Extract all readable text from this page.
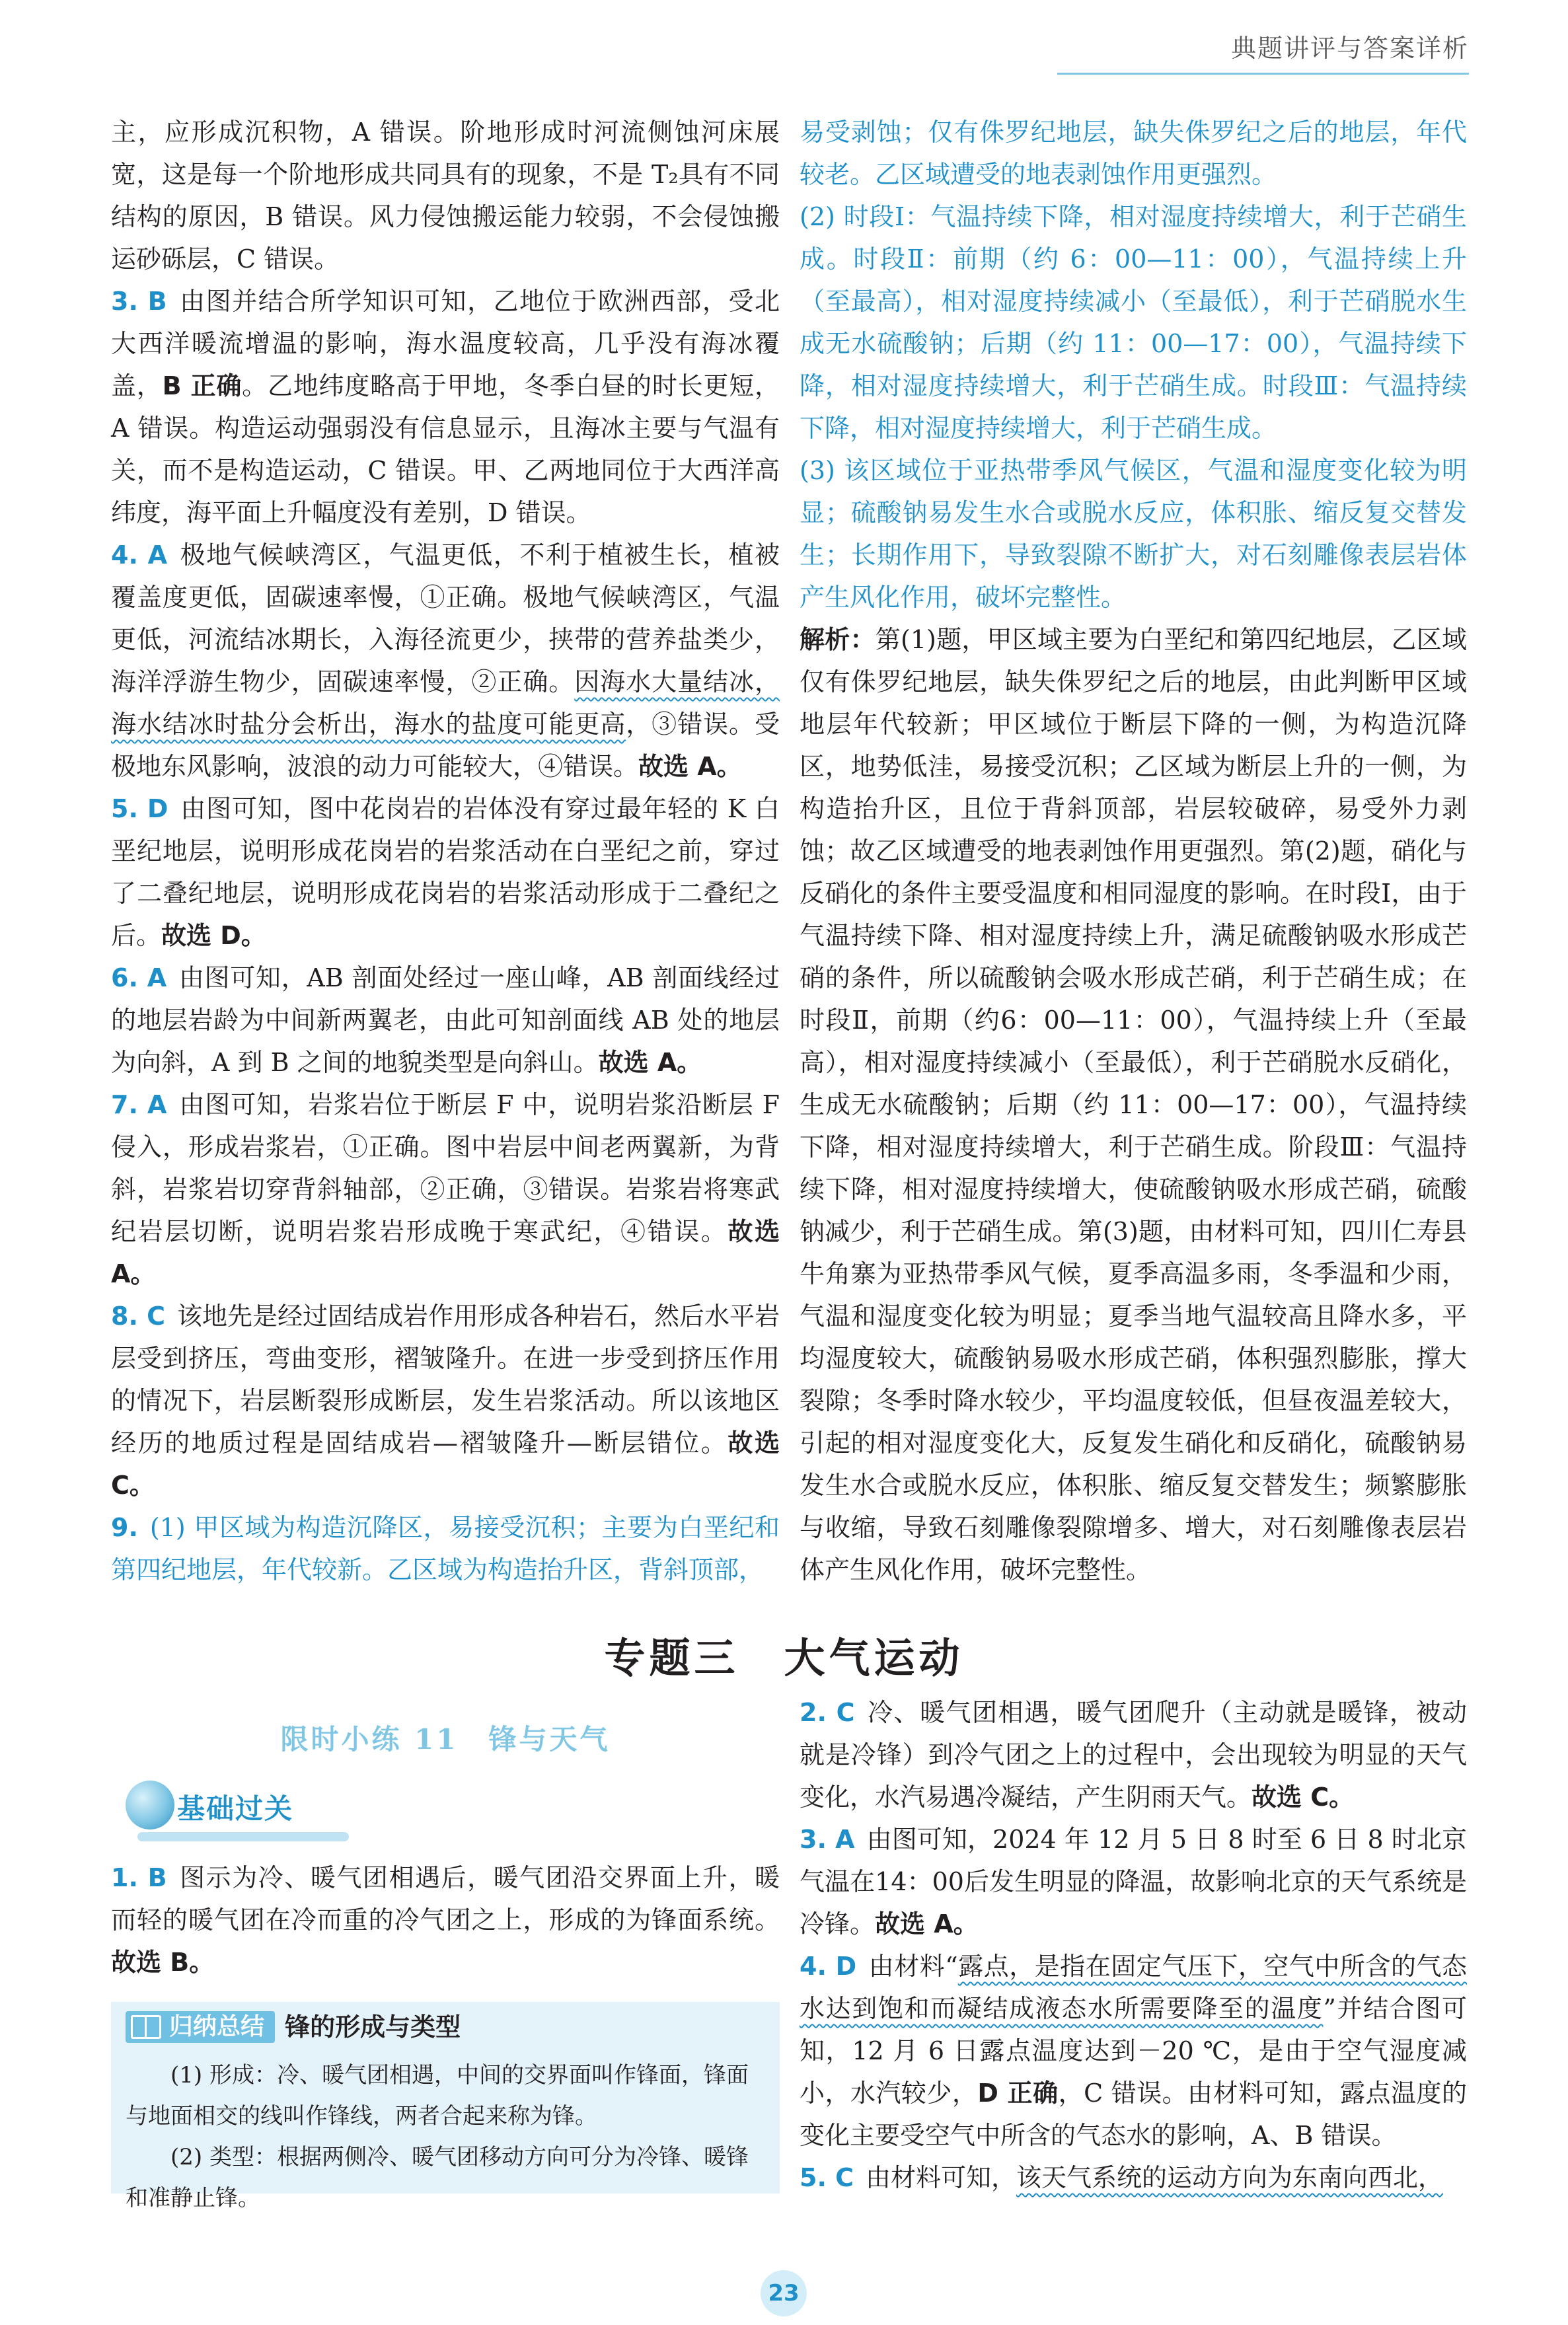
典题讲评与答案详析

主，应形成沉积物，A 错误。阶地形成时河流侧蚀河床展宽，这是每一个阶地形成共同具有的现象，不是 T₂具有不同结构的原因，B 错误。风力侵蚀搬运能力较弱，不会侵蚀搬运砂砾层，C 错误。

3. B 由图并结合所学知识可知，乙地位于欧洲西部，受北大西洋暖流增温的影响，海水温度较高，几乎没有海冰覆盖，B 正确。乙地纬度略高于甲地，冬季白昼的时长更短，A 错误。构造运动强弱没有信息显示，且海冰主要与气温有关，而不是构造运动，C 错误。甲、乙两地同位于大西洋高纬度，海平面上升幅度没有差别，D 错误。

4. A 极地气候峡湾区，气温更低，不利于植被生长，植被覆盖度更低，固碳速率慢，①正确。极地气候峡湾区，气温更低，河流结冰期长，入海径流更少，挟带的营养盐类少，海洋浮游生物少，固碳速率慢，②正确。因海水大量结冰，海水结冰时盐分会析出，海水的盐度可能更高，③错误。受极地东风影响，波浪的动力可能较大，④错误。故选 A。

5. D 由图可知，图中花岗岩的岩体没有穿过最年轻的 K 白垩纪地层，说明形成花岗岩的岩浆活动在白垩纪之前，穿过了二叠纪地层，说明形成花岗岩的岩浆活动形成于二叠纪之后。故选 D。

6. A 由图可知，AB 剖面处经过一座山峰，AB 剖面线经过的地层岩龄为中间新两翼老，由此可知剖面线 AB 处的地层为向斜，A 到 B 之间的地貌类型是向斜山。故选 A。

7. A 由图可知，岩浆岩位于断层 F 中，说明岩浆沿断层 F 侵入，形成岩浆岩，①正确。图中岩层中间老两翼新，为背斜，岩浆岩切穿背斜轴部，②正确，③错误。岩浆岩将寒武纪岩层切断，说明岩浆岩形成晚于寒武纪，④错误。故选 A。

8. C 该地先是经过固结成岩作用形成各种岩石，然后水平岩层受到挤压，弯曲变形，褶皱隆升。在进一步受到挤压作用的情况下，岩层断裂形成断层，发生岩浆活动。所以该地区经历的地质过程是固结成岩—褶皱隆升—断层错位。故选 C。

9. (1) 甲区域为构造沉降区，易接受沉积；主要为白垩纪和第四纪地层，年代较新。乙区域为构造抬升区，背斜顶部，

易受剥蚀；仅有侏罗纪地层，缺失侏罗纪之后的地层，年代较老。乙区域遭受的地表剥蚀作用更强烈。

(2) 时段Ⅰ：气温持续下降，相对湿度持续增大，利于芒硝生成。时段Ⅱ：前期（约 6：00—11：00），气温持续上升（至最高），相对湿度持续减小（至最低），利于芒硝脱水生成无水硫酸钠；后期（约 11：00—17：00），气温持续下降，相对湿度持续增大，利于芒硝生成。时段Ⅲ：气温持续下降，相对湿度持续增大，利于芒硝生成。

(3) 该区域位于亚热带季风气候区，气温和湿度变化较为明显；硫酸钠易发生水合或脱水反应，体积胀、缩反复交替发生；长期作用下，导致裂隙不断扩大，对石刻雕像表层岩体产生风化作用，破坏完整性。

解析：第(1)题，甲区域主要为白垩纪和第四纪地层，乙区域仅有侏罗纪地层，缺失侏罗纪之后的地层，由此判断甲区域地层年代较新；甲区域位于断层下降的一侧，为构造沉降区，地势低洼，易接受沉积；乙区域为断层上升的一侧，为构造抬升区，且位于背斜顶部，岩层较破碎，易受外力剥蚀；故乙区域遭受的地表剥蚀作用更强烈。第(2)题，硝化与反硝化的条件主要受温度和相同湿度的影响。在时段Ⅰ，由于气温持续下降、相对湿度持续上升，满足硫酸钠吸水形成芒硝的条件，所以硫酸钠会吸水形成芒硝，利于芒硝生成；在时段Ⅱ，前期（约6：00—11：00），气温持续上升（至最高），相对湿度持续减小（至最低），利于芒硝脱水反硝化，生成无水硫酸钠；后期（约 11：00—17：00），气温持续下降，相对湿度持续增大，利于芒硝生成。阶段Ⅲ：气温持续下降，相对湿度持续增大，使硫酸钠吸水形成芒硝，硫酸钠减少，利于芒硝生成。第(3)题，由材料可知，四川仁寿县牛角寨为亚热带季风气候，夏季高温多雨，冬季温和少雨，气温和湿度变化较为明显；夏季当地气温较高且降水多，平均湿度较大，硫酸钠易吸水形成芒硝，体积强烈膨胀，撑大裂隙；冬季时降水较少，平均温度较低，但昼夜温差较大，引起的相对湿度变化大，反复发生硝化和反硝化，硫酸钠易发生水合或脱水反应，体积胀、缩反复交替发生；频繁膨胀与收缩，导致石刻雕像裂隙增多、增大，对石刻雕像表层岩体产生风化作用，破坏完整性。

专题三　大气运动
限时小练 11　锋与天气
基础过关

1. B 图示为冷、暖气团相遇后，暖气团沿交界面上升，暖而轻的暖气团在冷而重的冷气团之上，形成的为锋面系统。故选 B。

归纳总结 锋的形成与类型

(1) 形成：冷、暖气团相遇，中间的交界面叫作锋面，锋面与地面相交的线叫作锋线，两者合起来称为锋。

(2) 类型：根据两侧冷、暖气团移动方向可分为冷锋、暖锋和准静止锋。

2. C 冷、暖气团相遇，暖气团爬升（主动就是暖锋，被动就是冷锋）到冷气团之上的过程中，会出现较为明显的天气变化，水汽易遇冷凝结，产生阴雨天气。故选 C。

3. A 由图可知，2024 年 12 月 5 日 8 时至 6 日 8 时北京气温在14：00后发生明显的降温，故影响北京的天气系统是冷锋。故选 A。

4. D 由材料“露点，是指在固定气压下，空气中所含的气态水达到饱和而凝结成液态水所需要降至的温度”并结合图可知，12 月 6 日露点温度达到－20 ℃，是由于空气湿度减小，水汽较少，D 正确，C 错误。由材料可知，露点温度的变化主要受空气中所含的气态水的影响，A、B 错误。

5. C 由材料可知，该天气系统的运动方向为东南向西北，

23
